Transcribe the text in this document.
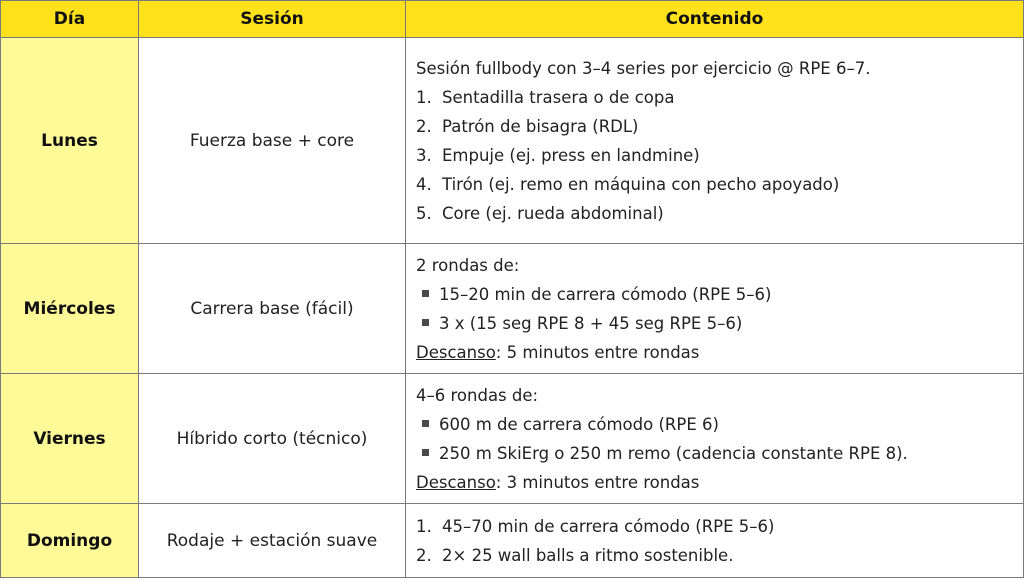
Día	Sesión	Contenido
Lunes	Fuerza base + core
Sesión fullbody con 3–4 series por ejercicio @ RPE 6–7.
1. Sentadilla trasera o de copa
2. Patrón de bisagra (RDL)
3. Empuje (ej. press en landmine)
4. Tirón (ej. remo en máquina con pecho apoyado)
5. Core (ej. rueda abdominal)
Miércoles	Carrera base (fácil)
2 rondas de:
15–20 min de carrera cómodo (RPE 5–6)
3 x (15 seg RPE 8 + 45 seg RPE 5–6)
Descanso: 5 minutos entre rondas
Viernes	Híbrido corto (técnico)
4–6 rondas de:
600 m de carrera cómodo (RPE 6)
250 m SkiErg o 250 m remo (cadencia constante RPE 8).
Descanso: 3 minutos entre rondas
Domingo	Rodaje + estación suave
1. 45–70 min de carrera cómodo (RPE 5–6)
2. 2× 25 wall balls a ritmo sostenible.
